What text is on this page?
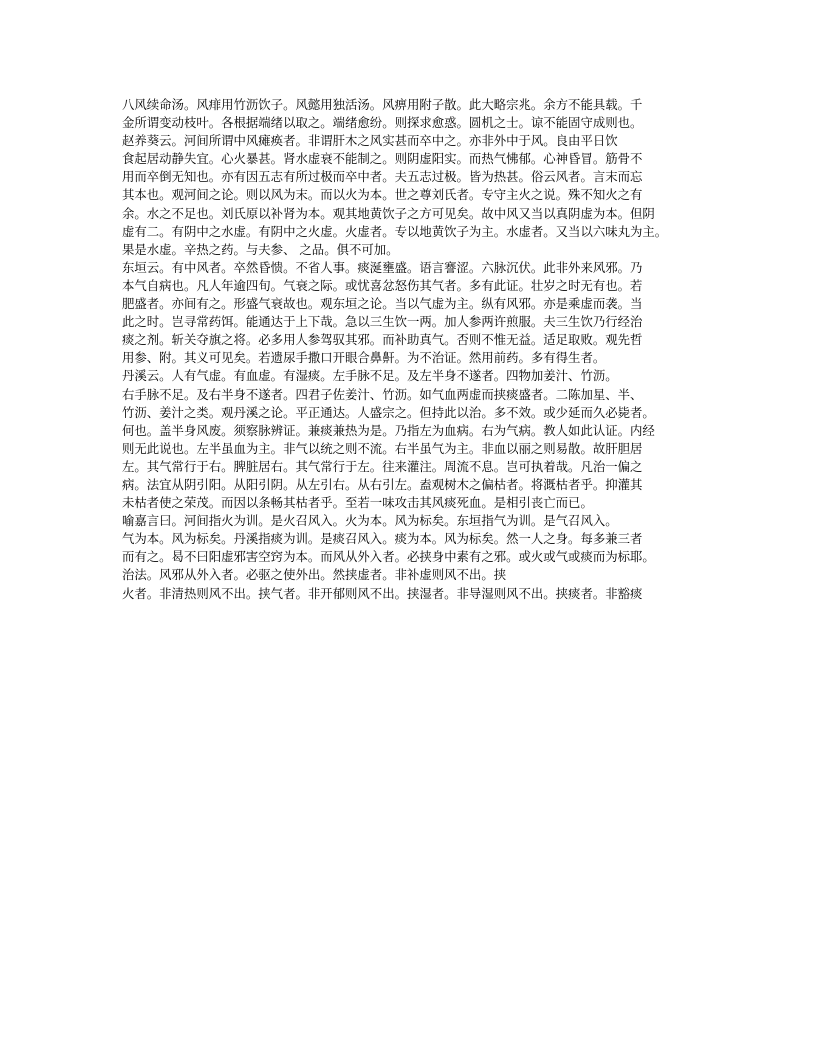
八风续命汤。风痱用竹沥饮子。风懿用独活汤。风痹用附子散。此大略宗兆。余方不能具载。千
金所谓变动枝叶。各根据端绪以取之。端绪愈纷。则探求愈惑。圆机之士。谅不能固守成则也。
赵养葵云。河间所谓中风瘫痪者。非谓肝木之风实甚而卒中之。亦非外中于风。良由平日饮
食起居动静失宜。心火暴甚。肾水虚衰不能制之。则阴虚阳实。而热气怫郁。心神昏冒。筋骨不
用而卒倒无知也。亦有因五志有所过极而卒中者。夫五志过极。皆为热甚。俗云风者。言末而忘
其本也。观河间之论。则以风为末。而以火为本。世之尊刘氏者。专守主火之说。殊不知火之有
余。水之不足也。刘氏原以补肾为本。观其地黄饮子之方可见矣。故中风又当以真阴虚为本。但阴
虚有二。有阴中之水虚。有阴中之火虚。火虚者。专以地黄饮子为主。水虚者。又当以六味丸为主。
果是水虚。辛热之药。与夫参、 之品。俱不可加。
东垣云。有中风者。卒然昏愦。不省人事。痰涎壅盛。语言謇涩。六脉沉伏。此非外来风邪。乃
本气自病也。凡人年逾四旬。气衰之际。或忧喜忿怒伤其气者。多有此证。壮岁之时无有也。若
肥盛者。亦间有之。形盛气衰故也。观东垣之论。当以气虚为主。纵有风邪。亦是乘虚而袭。当
此之时。岂寻常药饵。能通达于上下哉。急以三生饮一两。加人参两许煎服。夫三生饮乃行经治
痰之剂。斩关夺旗之将。必多用人参驾驭其邪。而补助真气。否则不惟无益。适足取败。观先哲
用参、附。其义可见矣。若遗尿手撒口开眼合鼻鼾。为不治证。然用前药。多有得生者。
丹溪云。人有气虚。有血虚。有湿痰。左手脉不足。及左半身不遂者。四物加姜汁、竹沥。
右手脉不足。及右半身不遂者。四君子佐姜汁、竹沥。如气血两虚而挟痰盛者。二陈加星、半、
竹沥、姜汁之类。观丹溪之论。平正通达。人盛宗之。但持此以治。多不效。或少延而久必毙者。
何也。盖半身风废。须察脉辨证。兼痰兼热为是。乃指左为血病。右为气病。教人如此认证。内经
则无此说也。左半虽血为主。非气以统之则不流。右半虽气为主。非血以丽之则易散。故肝胆居
左。其气常行于右。脾脏居右。其气常行于左。往来灌注。周流不息。岂可执着哉。凡治一偏之
病。法宜从阴引阳。从阳引阴。从左引右。从右引左。盍观树木之偏枯者。将溉枯者乎。抑灌其
未枯者使之荣茂。而因以条畅其枯者乎。至若一味攻击其风痰死血。是相引丧亡而已。
喻嘉言曰。河间指火为训。是火召风入。火为本。风为标矣。东垣指气为训。是气召风入。
气为本。风为标矣。丹溪指痰为训。是痰召风入。痰为本。风为标矣。然一人之身。每多兼三者
而有之。曷不曰阳虚邪害空窍为本。而风从外入者。必挟身中素有之邪。或火或气或痰而为标耶。
治法。风邪从外入者。必驱之使外出。然挟虚者。非补虚则风不出。挟
火者。非清热则风不出。挟气者。非开郁则风不出。挟湿者。非导湿则风不出。挟痰者。非豁痰
